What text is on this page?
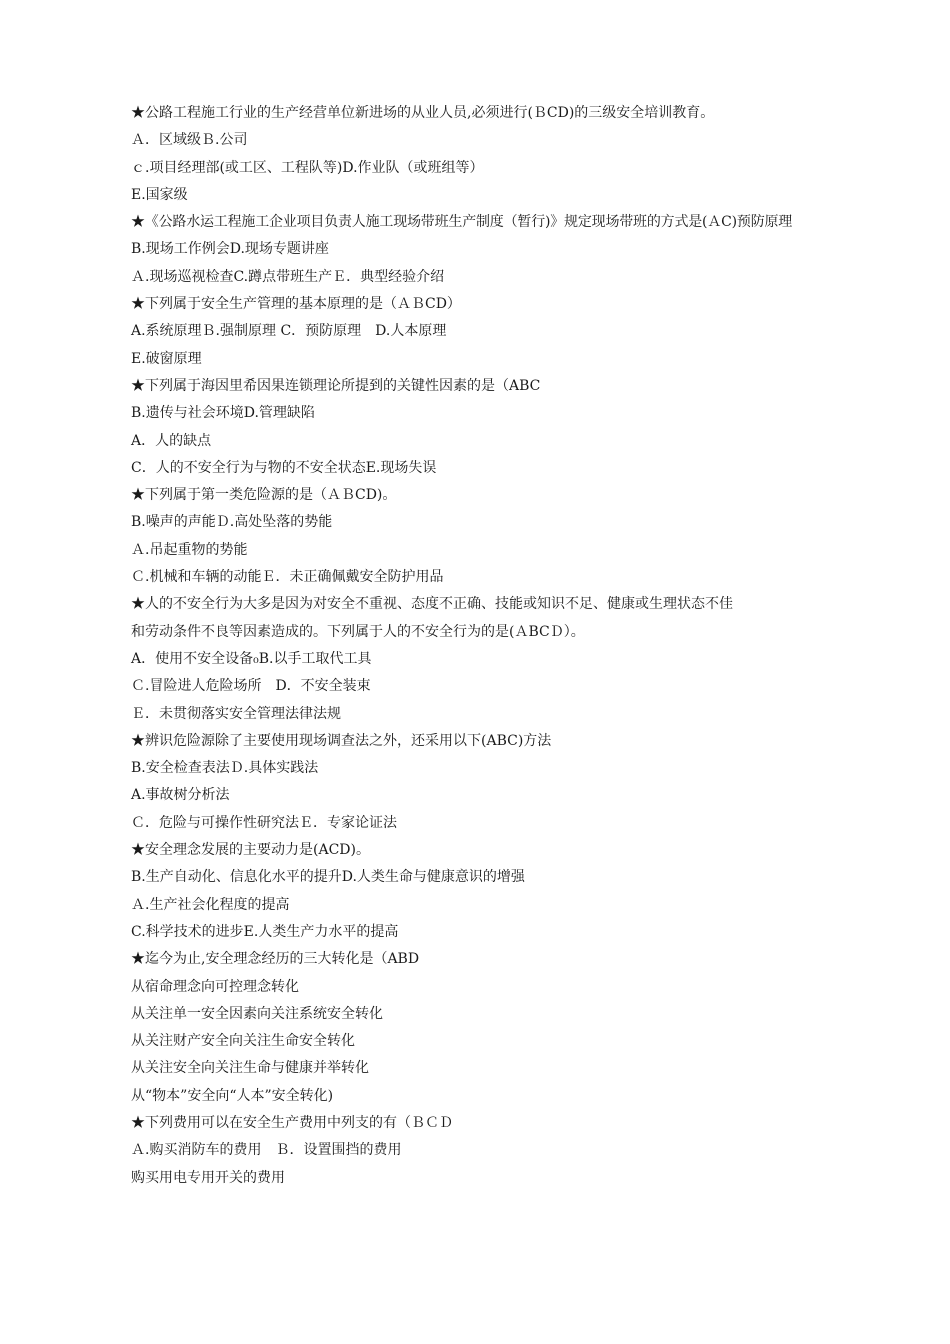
★公路工程施工行业的生产经营单位新进场的从业人员,必须进行(ＢCD)的三级安全培训教育。
Ａ．区域级Ｂ.公司
ｃ.项目经理部(或工区、工程队等)D.作业队（或班组等）
E.国家级
★《公路水运工程施工企业项目负责人施工现场带班生产制度（暂行)》规定现场带班的方式是(ＡC)预防原理
B.现场工作例会D.现场专题讲座
Ａ.现场巡视检查C.蹲点带班生产Ｅ．典型经验介绍
★下列属于安全生产管理的基本原理的是（ＡＢCD）
A.系统原理Ｂ.强制原理 C．预防原理　D.人本原理
E.破窗原理
★下列属于海因里希因果连锁理论所提到的关键性因素的是（ABC
B.遗传与社会环境D.管理缺陷
A．人的缺点
C．人的不安全行为与物的不安全状态E.现场失误
★下列属于第一类危险源的是（ＡＢCD)。
B.噪声的声能Ｄ.高处坠落的势能
Ａ.吊起重物的势能
Ｃ.机械和车辆的动能Ｅ．未正确佩戴安全防护用品
★人的不安全行为大多是因为对安全不重视、态度不正确、技能或知识不足、健康或生理状态不佳
和劳动条件不良等因素造成的。下列属于人的不安全行为的是(ＡBCＤ）。
A．使用不安全设备₀B.以手工取代工具
Ｃ.冒险进人危险场所　D．不安全装束
Ｅ．未贯彻落实安全管理法律法规
★辨识危险源除了主要使用现场调查法之外，还采用以下(ABC)方法
B.安全检查表法Ｄ.具体实践法
A.事故树分析法
Ｃ．危险与可操作性研究法Ｅ．专家论证法
★安全理念发展的主要动力是(ACD)。
B.生产自动化、信息化水平的提升D.人类生命与健康意识的增强
Ａ.生产社会化程度的提高
C.科学技术的进步E.人类生产力水平的提高
★迄今为止,安全理念经历的三大转化是（ABD
从宿命理念向可控理念转化
从关注单一安全因素向关注系统安全转化
从关注财产安全向关注生命安全转化
从关注安全向关注生命与健康并举转化
从“物本”安全向“人本”安全转化)
★下列费用可以在安全生产费用中列支的有（ＢＣＤ
Ａ.购买消防车的费用　Ｂ．设置围挡的费用
购买用电专用开关的费用
